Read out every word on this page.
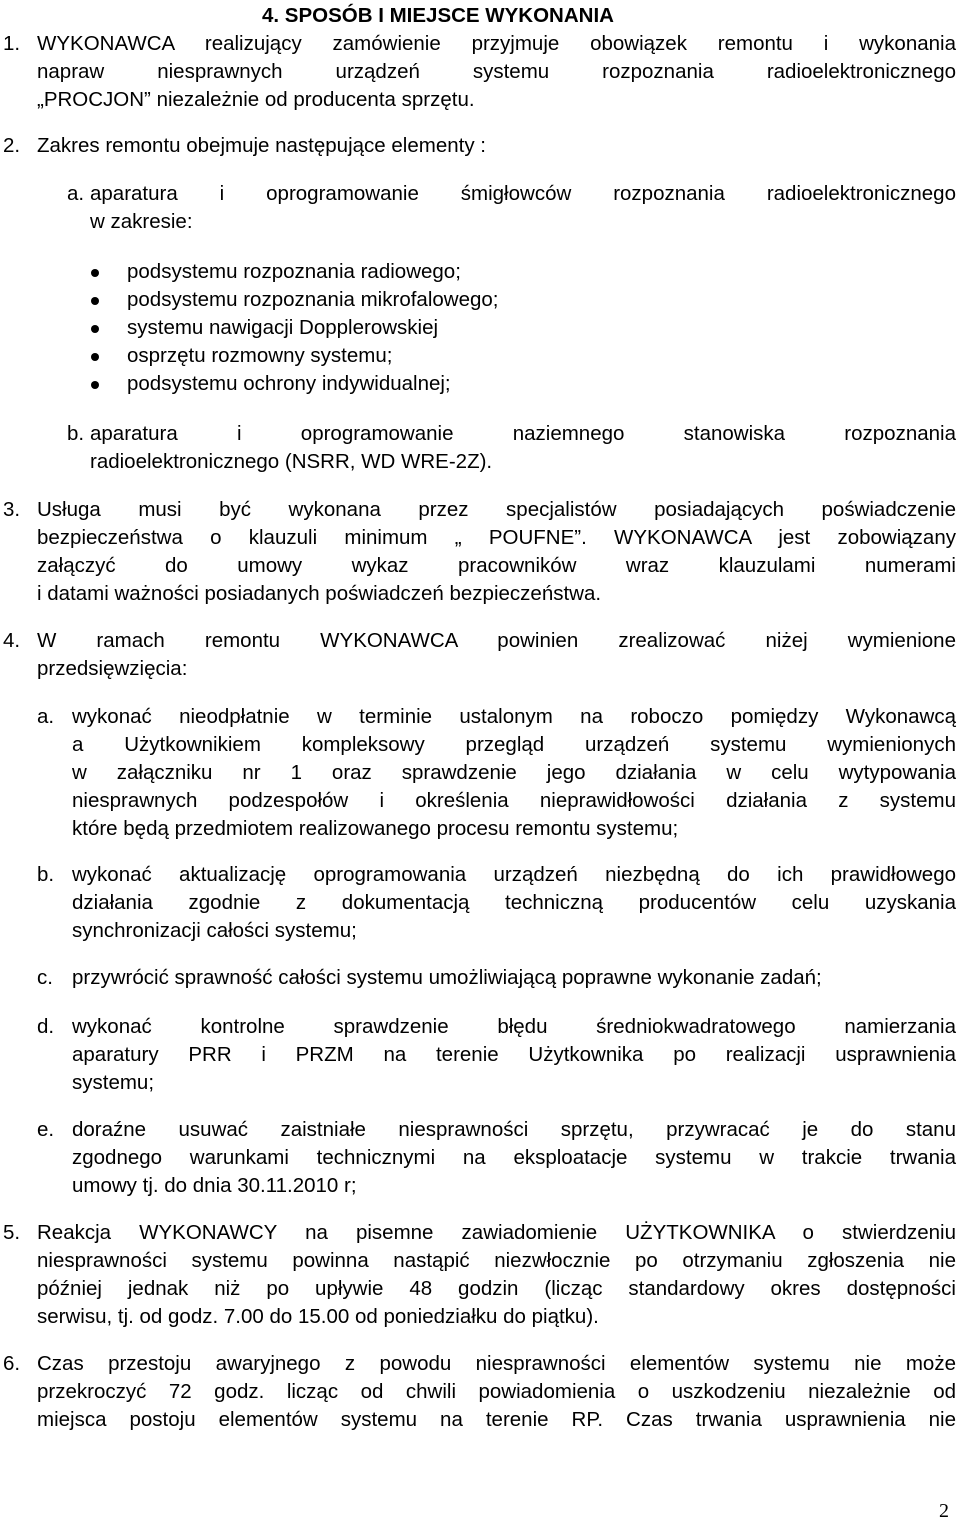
4. SPOSÓB I MIEJSCE WYKONANIA
1. WYKONAWCA realizujący zamówienie przyjmuje obowiązek remontu i wykonania
napraw niesprawnych urządzeń systemu rozpoznania radioelektronicznego
„PROCJON” niezależnie od producenta sprzętu.
2. Zakres remontu obejmuje następujące elementy :
a. aparatura i oprogramowanie śmigłowców rozpoznania radioelektronicznego
w zakresie:
podsystemu rozpoznania radiowego;
podsystemu rozpoznania mikrofalowego;
systemu nawigacji Dopplerowskiej
osprzętu rozmowny systemu;
podsystemu ochrony indywidualnej;
b. aparatura i oprogramowanie naziemnego stanowiska rozpoznania
radioelektronicznego (NSRR, WD WRE-2Z).
3. Usługa musi być wykonana przez specjalistów posiadających poświadczenie
bezpieczeństwa o klauzuli minimum „ POUFNE”. WYKONAWCA jest zobowiązany
załączyć do umowy wykaz pracowników wraz klauzulami numerami
i datami ważności posiadanych poświadczeń bezpieczeństwa.
4. W ramach remontu WYKONAWCA powinien zrealizować niżej wymienione
przedsięwzięcia:
a. wykonać nieodpłatnie w terminie ustalonym na roboczo pomiędzy Wykonawcą
a Użytkownikiem kompleksowy przegląd urządzeń systemu wymienionych
w załączniku nr 1 oraz sprawdzenie jego działania w celu wytypowania
niesprawnych podzespołów i określenia nieprawidłowości działania z systemu
które będą przedmiotem realizowanego procesu remontu systemu;
b. wykonać aktualizację oprogramowania urządzeń niezbędną do ich prawidłowego
działania zgodnie z dokumentacją techniczną producentów celu uzyskania
synchronizacji całości systemu;
c. przywrócić sprawność całości systemu umożliwiającą poprawne wykonanie zadań;
d. wykonać kontrolne sprawdzenie błędu średniokwadratowego namierzania
aparatury PRR i PRZM na terenie Użytkownika po realizacji usprawnienia
systemu;
e. doraźne usuwać zaistniałe niesprawności sprzętu, przywracać je do stanu
zgodnego warunkami technicznymi na eksploatacje systemu w trakcie trwania
umowy tj. do dnia 30.11.2010 r;
5. Reakcja WYKONAWCY na pisemne zawiadomienie UŻYTKOWNIKA o stwierdzeniu
niesprawności systemu powinna nastąpić niezwłocznie po otrzymaniu zgłoszenia nie
później jednak niż po upływie 48 godzin (licząc standardowy okres dostępności
serwisu, tj. od godz. 7.00 do 15.00 od poniedziałku do piątku).
6. Czas przestoju awaryjnego z powodu niesprawności elementów systemu nie może
przekroczyć 72 godz. licząc od chwili powiadomienia o uszkodzeniu niezależnie od
miejsca postoju elementów systemu na terenie RP. Czas trwania usprawnienia nie
2
